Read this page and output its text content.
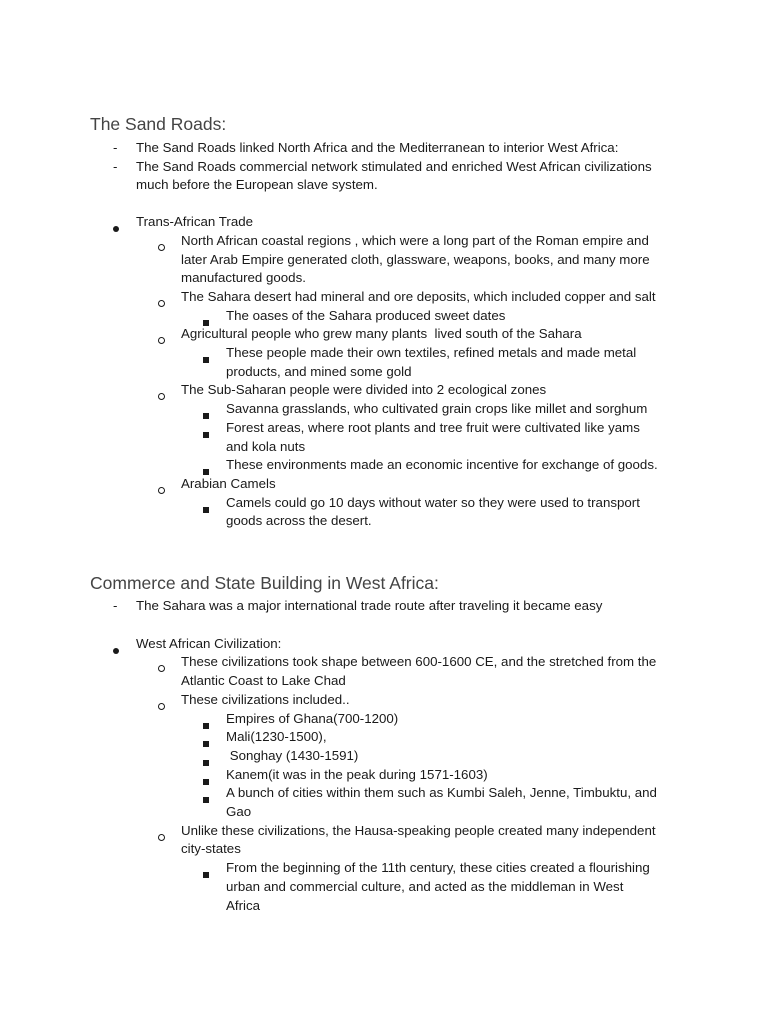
The Sand Roads:
Commerce and State Building in West Africa:
- The Sand Roads linked North Africa and the Mediterranean to interior West Africa:
- The Sand Roads commercial network stimulated and enriched West African civilizations
much before the European slave system.
Trans-African Trade
North African coastal regions , which were a long part of the Roman empire and
later Arab Empire generated cloth, glassware, weapons, books, and many more
manufactured goods.
The Sahara desert had mineral and ore deposits, which included copper and salt
The oases of the Sahara produced sweet dates
Agricultural people who grew many plants  lived south of the Sahara
These people made their own textiles, refined metals and made metal
products, and mined some gold
The Sub-Saharan people were divided into 2 ecological zones
Savanna grasslands, who cultivated grain crops like millet and sorghum
Forest areas, where root plants and tree fruit were cultivated like yams
and kola nuts
These environments made an economic incentive for exchange of goods.
Arabian Camels
Camels could go 10 days without water so they were used to transport
goods across the desert.
- The Sahara was a major international trade route after traveling it became easy
West African Civilization:
These civilizations took shape between 600-1600 CE, and the stretched from the
Atlantic Coast to Lake Chad
These civilizations included..
Empires of Ghana(700-1200)
Mali(1230-1500),
Songhay (1430-1591)
Kanem(it was in the peak during 1571-1603)
A bunch of cities within them such as Kumbi Saleh, Jenne, Timbuktu, and
Gao
Unlike these civilizations, the Hausa-speaking people created many independent
city-states
From the beginning of the 11th century, these cities created a flourishing
urban and commercial culture, and acted as the middleman in West
Africa
